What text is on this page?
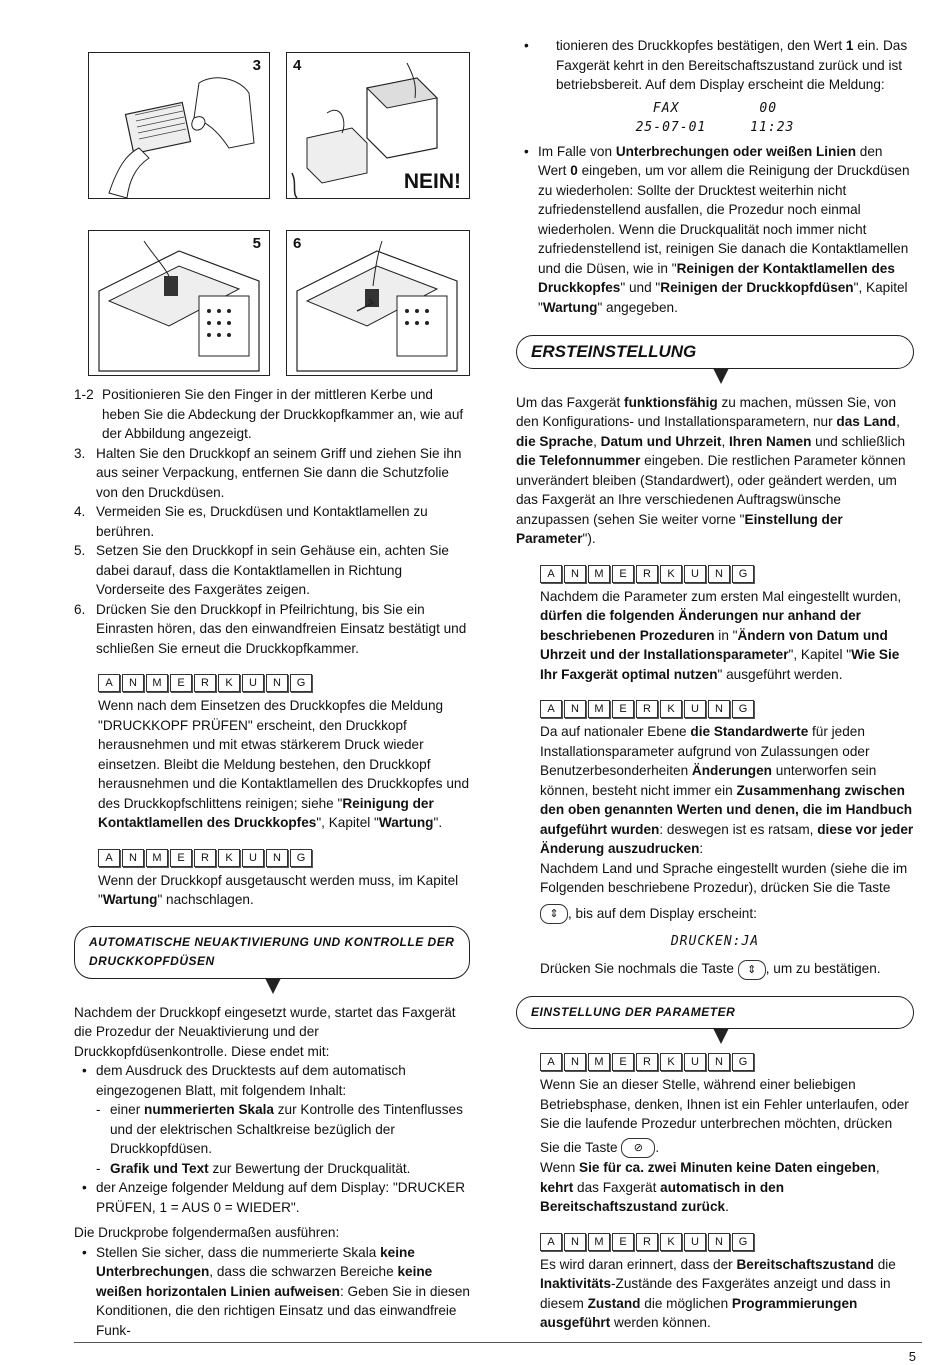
3 4
NEIN!
5 6
1-2 Positionieren Sie den Finger in der mittleren Kerbe und heben Sie die Abdeckung der Druckkopfkammer an, wie auf der Abbildung angezeigt.
3. Halten Sie den Druckkopf an seinem Griff und ziehen Sie ihn aus seiner Verpackung, entfernen Sie dann die Schutzfolie von den Druckdüsen.
4. Vermeiden Sie es, Druckdüsen und Kontaktlamellen zu berühren.
5. Setzen Sie den Druckkopf in sein Gehäuse ein, achten Sie dabei darauf, dass die Kontaktlamellen in Richtung Vorderseite des Faxgerätes zeigen.
6. Drücken Sie den Druckkopf in Pfeilrichtung, bis Sie ein Einrasten hören, das den einwandfreien Einsatz bestätigt und schließen Sie erneut die Druckkopfkammer.
A	N	M	E	R	K	U	N	G
Wenn nach dem Einsetzen des Druckkopfes die Meldung "DRUCKKOPF PRÜFEN" erscheint, den Druckkopf herausnehmen und mit etwas stärkerem Druck wieder einsetzen. Bleibt die Meldung bestehen, den Druckkopf herausnehmen und die Kontaktlamellen des Druckkopfes und des Druckkopfschlittens reinigen; siehe "Reinigung der Kontaktlamellen des Druckkopfes", Kapitel "Wartung".
A	N	M	E	R	K	U	N	G
Wenn der Druckkopf ausgetauscht werden muss, im Kapitel "Wartung" nachschlagen.
AUTOMATISCHE NEUAKTIVIERUNG UND KONTROLLE DER DRUCKKOPFDÜSEN
Nachdem der Druckkopf eingesetzt wurde, startet das Faxgerät die Prozedur der Neuaktivierung und der Druckkopfdüsenkontrolle. Diese endet mit:
• dem Ausdruck des Drucktests auf dem automatisch eingezogenen Blatt, mit folgendem Inhalt:
- einer nummerierten Skala zur Kontrolle des Tintenflusses und der elektrischen Schaltkreise bezüglich der Druckkopfdüsen.
- Grafik und Text zur Bewertung der Druckqualität.
• der Anzeige folgender Meldung auf dem Display: "DRUCKER PRÜFEN, 1 = AUS 0 = WIEDER".
Die Druckprobe folgendermaßen ausführen:
• Stellen Sie sicher, dass die nummerierte Skala keine Unterbrechungen, dass die schwarzen Bereiche keine weißen horizontalen Linien aufweisen: Geben Sie in diesen Konditionen, die den richtigen Einsatz und das einwandfreie Funk-
• tionieren des Druckkopfes bestätigen, den Wert 1 ein. Das Faxgerät kehrt in den Bereitschaftszustand zurück und ist betriebsbereit. Auf dem Display erscheint die Meldung:
FAX	00
25-07-01	11:23
• Im Falle von Unterbrechungen oder weißen Linien den Wert 0 eingeben, um vor allem die Reinigung der Druckdüsen zu wiederholen: Sollte der Drucktest weiterhin nicht zufriedenstellend ausfallen, die Prozedur noch einmal wiederholen. Wenn die Druckqualität noch immer nicht zufriedenstellend ist, reinigen Sie danach die Kontaktlamellen und die Düsen, wie in "Reinigen der Kontaktlamellen des Druckkopfes" und "Reinigen der Druckkopfdüsen", Kapitel "Wartung" angegeben.
ERSTEINSTELLUNG
Um das Faxgerät funktionsfähig zu machen, müssen Sie, von den Konfigurations- und Installationsparametern, nur das Land, die Sprache, Datum und Uhrzeit, Ihren Namen und schließlich die Telefonnummer eingeben. Die restlichen Parameter können unverändert bleiben (Standardwert), oder geändert werden, um das Faxgerät an Ihre verschiedenen Auftragswünsche anzupassen (sehen Sie weiter vorne "Einstellung der Parameter").
A	N	M	E	R	K	U	N	G
Nachdem die Parameter zum ersten Mal eingestellt wurden, dürfen die folgenden Änderungen nur anhand der beschriebenen Prozeduren in "Ändern von Datum und Uhrzeit und der Installationsparameter", Kapitel "Wie Sie Ihr Faxgerät optimal nutzen" ausgeführt werden.
A	N	M	E	R	K	U	N	G
Da auf nationaler Ebene die Standardwerte für jeden Installationsparameter aufgrund von Zulassungen oder Benutzerbesonderheiten Änderungen unterworfen sein können, besteht nicht immer ein Zusammenhang zwischen den oben genannten Werten und denen, die im Handbuch aufgeführt wurden: deswegen ist es ratsam, diese vor jeder Änderung auszudrucken:
Nachdem Land und Sprache eingestellt wurden (siehe die im Folgenden beschriebene Prozedur), drücken Sie die Taste
⇕ , bis auf dem Display erscheint:
DRUCKEN:JA
Drücken Sie nochmals die Taste ⇕ , um zu bestätigen.
EINSTELLUNG DER PARAMETER
A	N	M	E	R	K	U	N	G
Wenn Sie an dieser Stelle, während einer beliebigen Betriebsphase, denken, Ihnen ist ein Fehler unterlaufen, oder Sie die laufende Prozedur unterbrechen möchten, drücken
Sie die Taste ⊘ .
Wenn Sie für ca. zwei Minuten keine Daten eingeben, kehrt das Faxgerät automatisch in den Bereitschaftszustand zurück.
A	N	M	E	R	K	U	N	G
Es wird daran erinnert, dass der Bereitschaftszustand die Inaktivitäts-Zustände des Faxgerätes anzeigt und dass in diesem Zustand die möglichen Programmierungen ausgeführt werden können.
5
